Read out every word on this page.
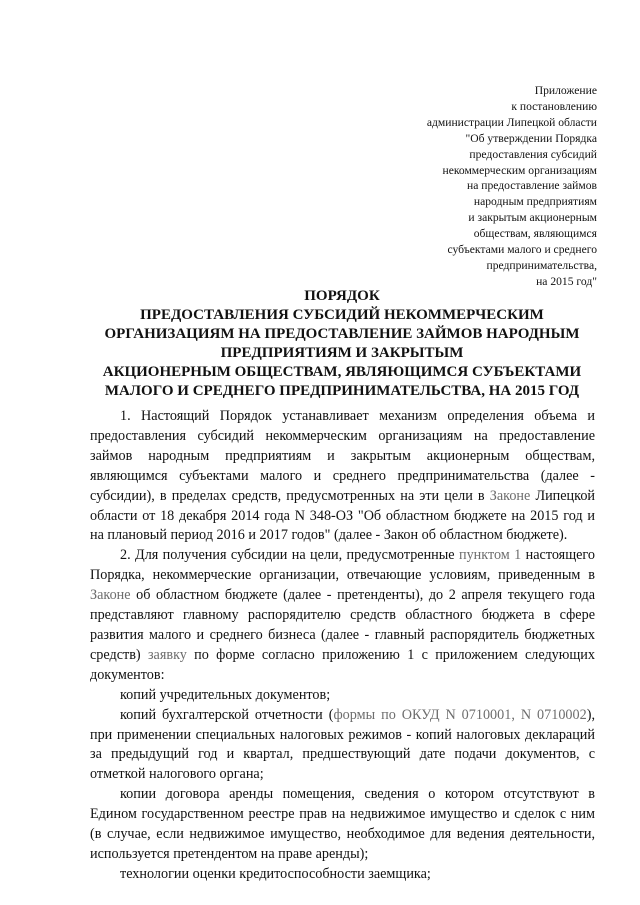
Приложение
к постановлению
администрации Липецкой области
"Об утверждении Порядка
предоставления субсидий
некоммерческим организациям
на предоставление займов
народным предприятиям
и закрытым акционерным
обществам, являющимся
субъектами малого и среднего
предпринимательства,
на 2015 год"
ПОРЯДОК
ПРЕДОСТАВЛЕНИЯ СУБСИДИЙ НЕКОММЕРЧЕСКИМ
ОРГАНИЗАЦИЯМ НА ПРЕДОСТАВЛЕНИЕ ЗАЙМОВ НАРОДНЫМ
ПРЕДПРИЯТИЯМ И ЗАКРЫТЫМ
АКЦИОНЕРНЫМ ОБЩЕСТВАМ, ЯВЛЯЮЩИМСЯ СУБЪЕКТАМИ
МАЛОГО И СРЕДНЕГО ПРЕДПРИНИМАТЕЛЬСТВА, НА 2015 ГОД

1. Настоящий Порядок устанавливает механизм определения объема и предоставления субсидий некоммерческим организациям на предоставление займов народным предприятиям и закрытым акционерным обществам, являющимся субъектами малого и среднего предпринимательства (далее - субсидии), в пределах средств, предусмотренных на эти цели в Законе Липецкой области от 18 декабря 2014 года N 348-ОЗ "Об областном бюджете на 2015 год и на плановый период 2016 и 2017 годов" (далее - Закон об областном бюджете).

2. Для получения субсидии на цели, предусмотренные пунктом 1 настоящего Порядка, некоммерческие организации, отвечающие условиям, приведенным в Законе об областном бюджете (далее - претенденты), до 2 апреля текущего года представляют главному распорядителю средств областного бюджета в сфере развития малого и среднего бизнеса (далее - главный распорядитель бюджетных средств) заявку по форме согласно приложению 1 с приложением следующих документов:

копий учредительных документов;

копий бухгалтерской отчетности (формы по ОКУД N 0710001, N 0710002), при применении специальных налоговых режимов - копий налоговых деклараций за предыдущий год и квартал, предшествующий дате подачи документов, с отметкой налогового органа;

копии договора аренды помещения, сведения о котором отсутствуют в Едином государственном реестре прав на недвижимое имущество и сделок с ним (в случае, если недвижимое имущество, необходимое для ведения деятельности, используется претендентом на праве аренды);

технологии оценки кредитоспособности заемщика;
